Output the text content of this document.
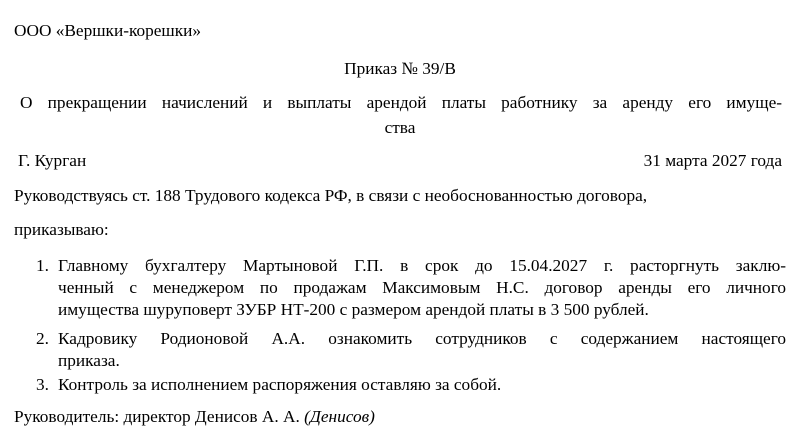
ООО «Вершки-корешки»
Приказ № 39/В
О прекращении начислений и выплаты арендой платы работнику за аренду его имуще-
ства
Г. Курган	31 марта 2027 года
Руководствуясь ст. 188 Трудового кодекса РФ, в связи с необоснованностью договора,
приказываю:
1. Главному бухгалтеру Мартыновой Г.П. в срок до 15.04.2027 г. расторгнуть заклю-
ченный с менеджером по продажам Максимовым Н.С. договор аренды его личного
имущества шуруповерт ЗУБР НТ-200 с размером арендой платы в 3 500 рублей.
2. Кадровику Родионовой А.А. ознакомить сотрудников с содержанием настоящего
приказа.
3. Контроль за исполнением распоряжения оставляю за собой.
Руководитель: директор Денисов А. А. (Денисов)
